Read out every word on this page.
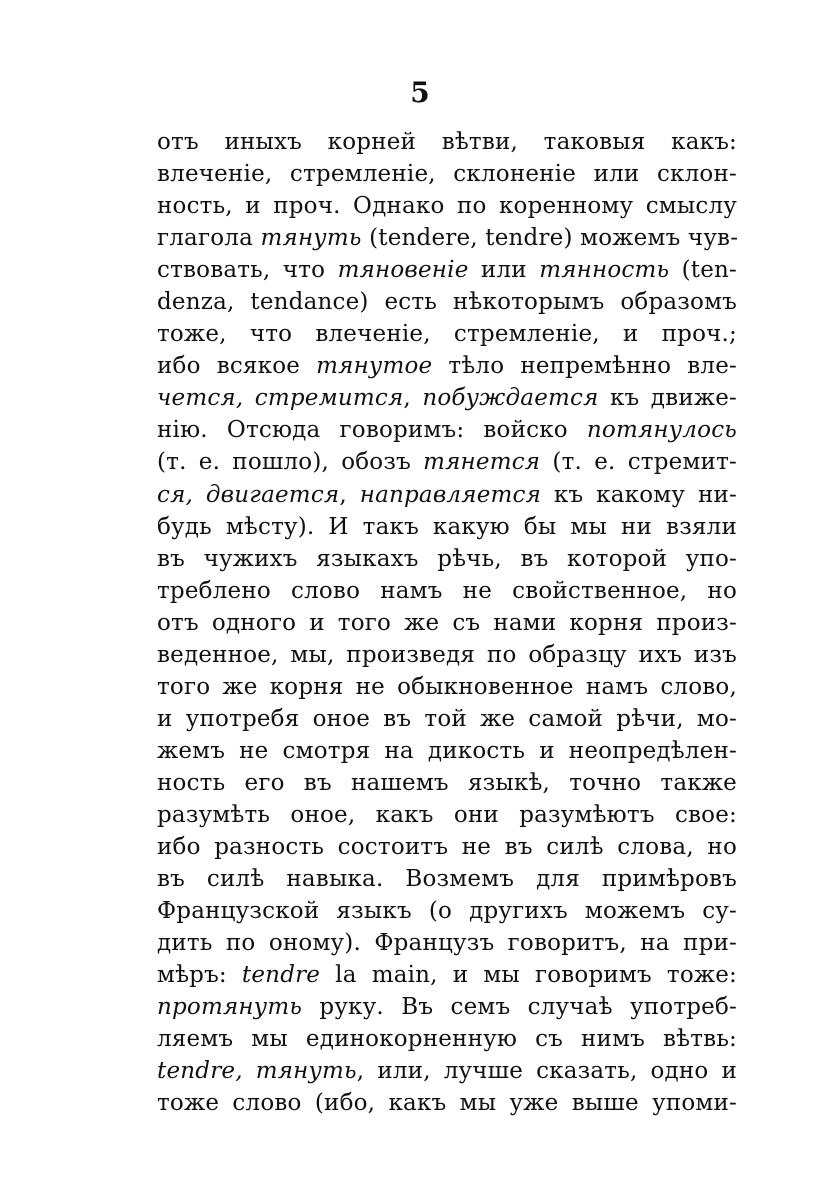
5
отъ иныхъ корней вѣтви, таковыя какъ:
влеченіе, стремленіе, склоненіе или склон-
ность, и проч. Однако по коренному смыслу
глагола тянуть (tendere, tendre) можемъ чув-
ствовать, что тяновеніе или тянность (ten-
denza, tendance) есть нѣкоторымъ образомъ
тоже, что влеченіе, стремленіе, и проч.;
ибо всякое тянутое тѣло непремѣнно вле-
чется, стремится, побуждается къ движе-
нію. Отсюда говоримъ: войско потянулось
(т. е. пошло), обозъ тянется (т. е. стремит-
ся, двигается, направляется къ какому ни-
будь мѣсту). И такъ какую бы мы ни взяли
въ чужихъ языкахъ рѣчь, въ которой упо-
треблено слово намъ не свойственное, но
отъ одного и того же съ нами корня произ-
веденное, мы, произведя по образцу ихъ изъ
того же корня не обыкновенное намъ слово,
и употребя оное въ той же самой рѣчи, мо-
жемъ не смотря на дикость и неопредѣлен-
ность его въ нашемъ языкѣ, точно также
разумѣть оное, какъ они разумѣютъ свое:
ибо разность состоитъ не въ силѣ слова, но
въ силѣ навыка. Возмемъ для примѣровъ
Французской языкъ (о другихъ можемъ су-
дить по оному). Французъ говоритъ, на при-
мѣръ: tendre la main, и мы говоримъ тоже:
протянуть руку. Въ семъ случаѣ употреб-
ляемъ мы единокорненную съ нимъ вѣтвь:
tendre, тянуть, или, лучше сказать, одно и
тоже слово (ибо, какъ мы уже выше упоми-
